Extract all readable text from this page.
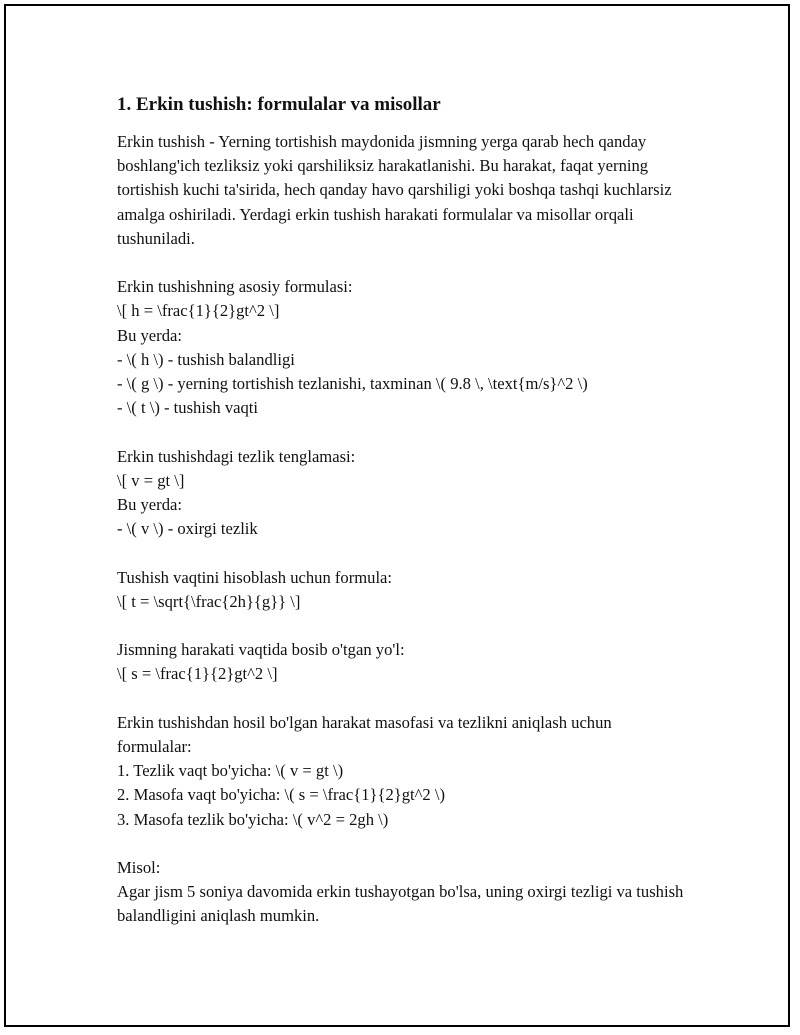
1. Erkin tushish: formulalar va misollar

Erkin tushish - Yerning tortishish maydonida jismning yerga qarab hech qanday boshlang'ich tezliksiz yoki qarshiliksiz harakatlanishi. Bu harakat, faqat yerning tortishish kuchi ta'sirida, hech qanday havo qarshiligi yoki boshqa tashqi kuchlarsiz amalga oshiriladi. Yerdagi erkin tushish harakati formulalar va misollar orqali tushuniladi.

Erkin tushishning asosiy formulasi:

\[ h = \frac{1}{2}gt^2 \]

Bu yerda:

- \( h \) - tushish balandligi

- \( g \) - yerning tortishish tezlanishi, taxminan \( 9.8 \, \text{m/s}^2 \)

- \( t \) - tushish vaqti

Erkin tushishdagi tezlik tenglamasi:

\[ v = gt \]

Bu yerda:

- \( v \) - oxirgi tezlik

Tushish vaqtini hisoblash uchun formula:

\[ t = \sqrt{\frac{2h}{g}} \]

Jismning harakati vaqtida bosib o'tgan yo'l:

\[ s = \frac{1}{2}gt^2 \]

Erkin tushishdan hosil bo'lgan harakat masofasi va tezlikni aniqlash uchun formulalar:

1. Tezlik vaqt bo'yicha: \( v = gt \)

2. Masofa vaqt bo'yicha: \( s = \frac{1}{2}gt^2 \)

3. Masofa tezlik bo'yicha: \( v^2 = 2gh \)

Misol:

Agar jism 5 soniya davomida erkin tushayotgan bo'lsa, uning oxirgi tezligi va tushish balandligini aniqlash mumkin.
